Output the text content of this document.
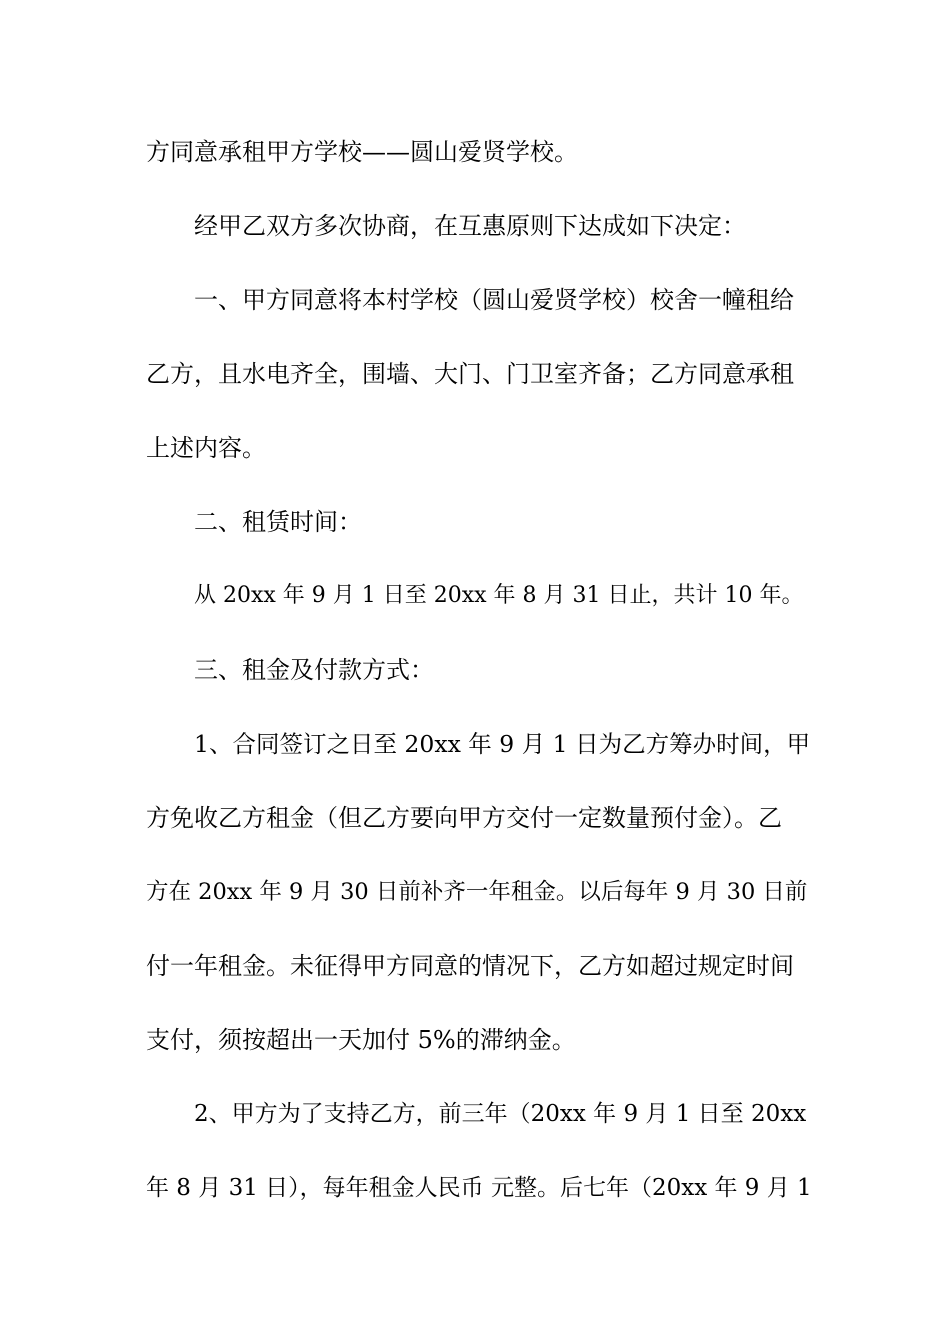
方同意承租甲方学校——圆山爱贤学校。
经甲乙双方多次协商，在互惠原则下达成如下决定：
一、甲方同意将本村学校（圆山爱贤学校）校舍一幢租给
乙方，且水电齐全，围墙、大门、门卫室齐备；乙方同意承租
上述内容。
二、租赁时间：
从 20xx 年 9 月 1 日至 20xx 年 8 月 31 日止，共计 10 年。
三、租金及付款方式：
1、合同签订之日至 20xx 年 9 月 1 日为乙方筹办时间，甲
方免收乙方租金（但乙方要向甲方交付一定数量预付金）。乙
方在 20xx 年 9 月 30 日前补齐一年租金。以后每年 9 月 30 日前
付一年租金。未征得甲方同意的情况下，乙方如超过规定时间
支付，须按超出一天加付 5%的滞纳金。
2、甲方为了支持乙方，前三年（20xx 年 9 月 1 日至 20xx
年 8 月 31 日），每年租金人民币 元整。后七年（20xx 年 9 月 1
